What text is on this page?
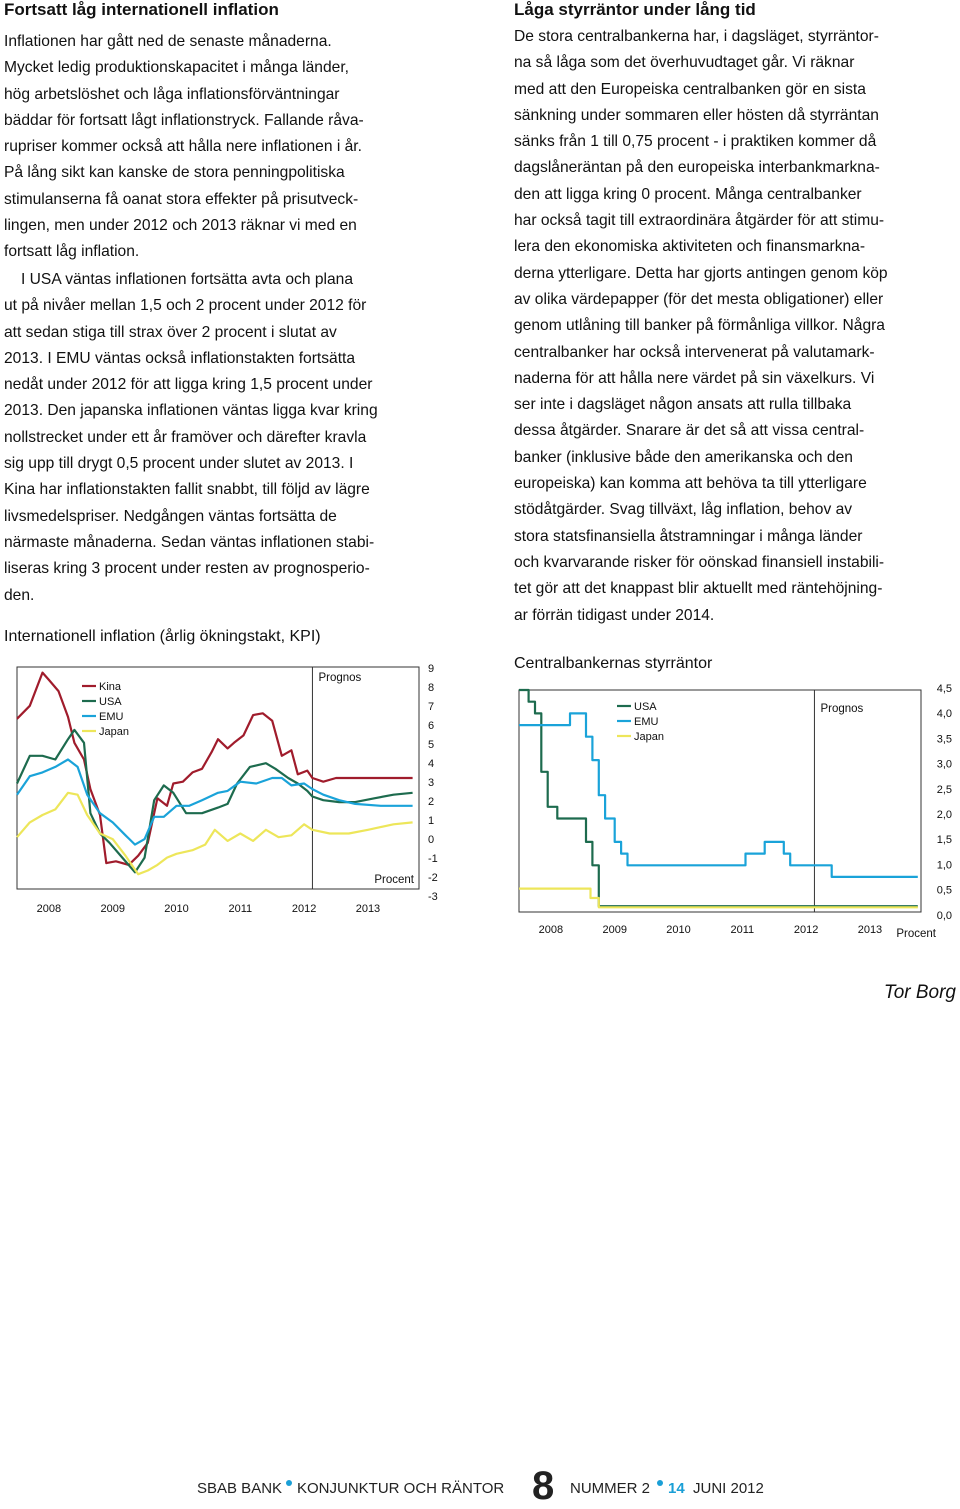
Fortsatt låg internationell inflation
Inflationen har gått ned de senaste månaderna.
Mycket ledig produktionskapacitet i många länder,
hög arbetslöshet och låga inflationsförväntningar
bäddar för fortsatt lågt inflationstryck. Fallande råva-
rupriser kommer också att hålla nere inflationen i år.
På lång sikt kan kanske de stora penningpolitiska
stimulanserna få oanat stora effekter på prisutveck-
lingen, men under 2012 och 2013 räknar vi med en
fortsatt låg inflation.
I USA väntas inflationen fortsätta avta och plana
ut på nivåer mellan 1,5 och 2 procent under 2012 för
att sedan stiga till strax över 2 procent i slutat av
2013. I EMU väntas också inflationstakten fortsätta
nedåt under 2012 för att ligga kring 1,5 procent under
2013. Den japanska inflationen väntas ligga kvar kring
nollstrecket under ett år framöver och därefter kravla
sig upp till drygt 0,5 procent under slutet av 2013. I
Kina har inflationstakten fallit snabbt, till följd av lägre
livsmedelspriser. Nedgången väntas fortsätta de
närmaste månaderna. Sedan väntas inflationen stabi-
liseras kring 3 procent under resten av prognosperio-
den.
Internationell inflation (årlig ökningstakt, KPI)
Prognos
9
8
7
6
5
4
3
2
1
0
-1
-2
-3
2008	2009	2010	2011	2012	2013
Procent
Kina
USA
EMU
Japan
Låga styrräntor under lång tid
De stora centralbankerna har, i dagsläget, styrräntor-
na så låga som det överhuvudtaget går. Vi räknar
med att den Europeiska centralbanken gör en sista
sänkning under sommaren eller hösten då styrräntan
sänks från 1 till 0,75 procent - i praktiken kommer då
dagslåneräntan på den europeiska interbankmarkna-
den att ligga kring 0 procent. Många centralbanker
har också tagit till extraordinära åtgärder för att stimu-
lera den ekonomiska aktiviteten och finansmarkna-
derna ytterligare. Detta har gjorts antingen genom köp
av olika värdepapper (för det mesta obligationer) eller
genom utlåning till banker på förmånliga villkor. Några
centralbanker har också intervenerat på valutamark-
naderna för att hålla nere värdet på sin växelkurs. Vi
ser inte i dagsläget någon ansats att rulla tillbaka
dessa åtgärder. Snarare är det så att vissa central-
banker (inklusive både den amerikanska och den
europeiska) kan komma att behöva ta till ytterligare
stödåtgärder. Svag tillväxt, låg inflation, behov av
stora statsfinansiella åtstramningar i många länder
och kvarvarande risker för oönskad finansiell instabili-
tet gör att det knappast blir aktuellt med räntehöjning-
ar förrän tidigast under 2014.
Centralbankernas styrräntor
Prognos
4,5
4,0
3,5
3,0
2,5
2,0
1,5
1,0
0,5
0,0
2008	2009	2010	2011	2012	2013 Procent
USA
EMU
Japan
Tor Borg
SBAB BANK KONJUNKTUR OCH RÄNTOR 8 NUMMER 2 14 JUNI 2012
